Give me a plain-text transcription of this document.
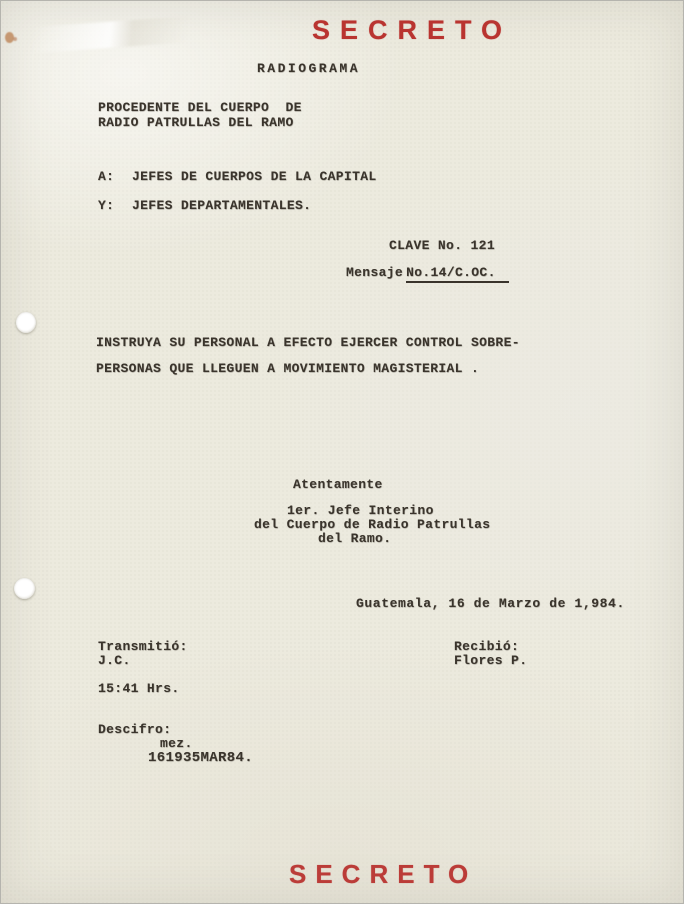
SECRETO
RADIOGRAMA
PROCEDENTE DEL CUERPO  DE
RADIO PATRULLAS DEL RAMO
A: JEFES DE CUERPOS DE LA CAPITAL
Y: JEFES DEPARTAMENTALES.
CLAVE No. 121
Mensaje No.14/C.OC.
INSTRUYA SU PERSONAL A EFECTO EJERCER CONTROL SOBRE-
PERSONAS QUE LLEGUEN A MOVIMIENTO MAGISTERIAL .
Atentamente
1er. Jefe Interino
del Cuerpo de Radio Patrullas
del Ramo.
Guatemala, 16 de Marzo de 1,984.
Transmitió:
J.C.
Recibió:
Flores P.
15:41 Hrs.
Descifro:
mez.
161935MAR84.
SECRETO
